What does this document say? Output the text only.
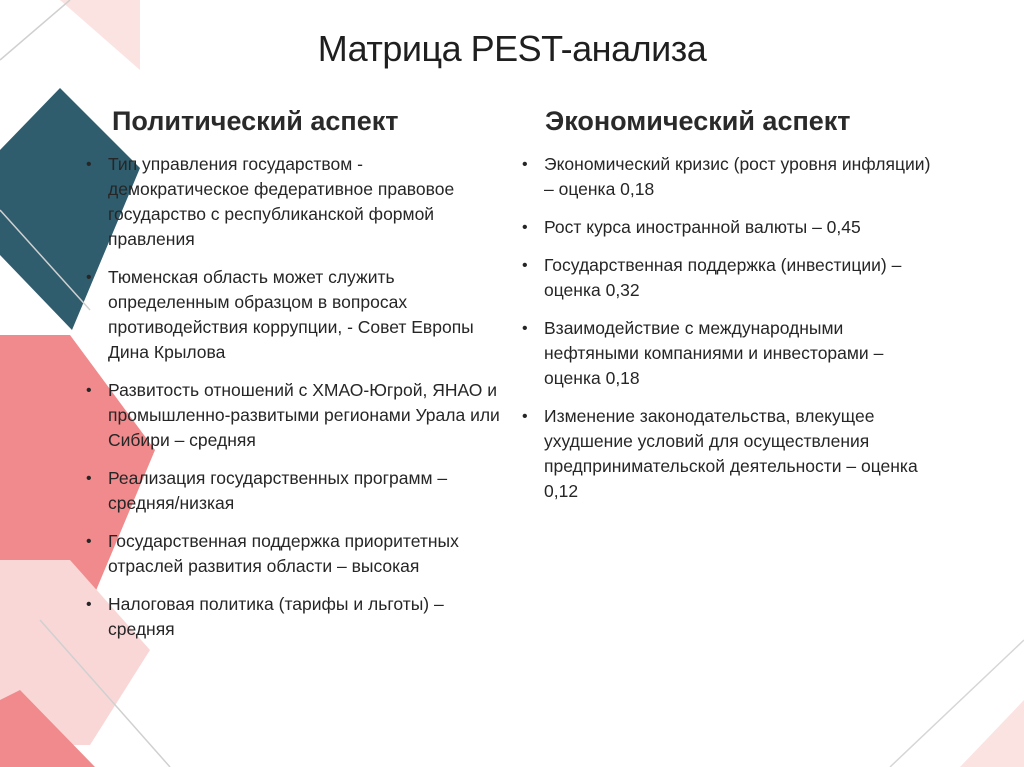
Матрица PEST-анализа
Политический аспект	Экономический аспект
• Тип управления государством - демократическое федеративное правовое государство с республиканской формой правления
• Тюменская область может служить определенным образцом в вопросах противодействия коррупции, - Совет Европы Дина Крылова
• Развитость отношений с ХМАО-Югрой, ЯНАО и промышленно-развитыми регионами Урала или Сибири – средняя
• Реализация государственных программ – средняя/низкая
• Государственная поддержка приоритетных отраслей развития области – высокая
• Налоговая политика (тарифы и льготы) – средняя
• Экономический кризис (рост уровня инфляции) – оценка 0,18
• Рост курса иностранной валюты – 0,45
• Государственная поддержка (инвестиции) – оценка 0,32
• Взаимодействие с международными нефтяными компаниями и инвесторами – оценка 0,18
• Изменение законодательства, влекущее ухудшение условий для осуществления предпринимательской деятельности – оценка 0,12
